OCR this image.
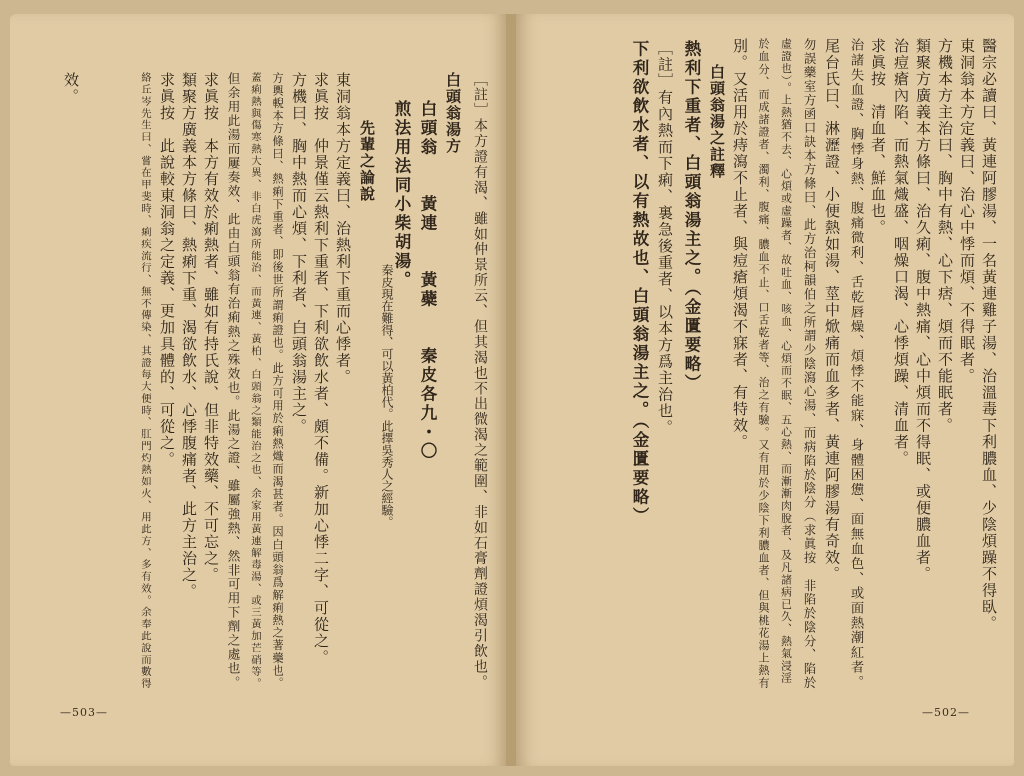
醫宗必讀曰、黃連阿膠湯、一名黃連雞子湯、治溫毒下利膿血、少陰煩躁不得臥。

東洞翁本方定義曰、治心中悸而煩、不得眠者。

方機本方主治曰、胸中有熱、心下痞、煩而不能眠者。

類聚方廣義本方條曰、治久痢、腹中熱痛、心中煩而不得眠、或便膿血者。

治痘瘡內陷、而熱氣熾盛、咽燥口渴、心悸煩躁、清血者。

求眞按　清血者、鮮血也。

治諸失血證、胸悸身熱、腹痛微利、舌乾唇燥、煩悸不能寐、身體困憊、面無血色、或面熱潮紅者。

尾台氏曰、淋瀝證、小便熱如湯、莖中焮痛而血多者、黃連阿膠湯有奇效。

勿誤藥室方函口訣本方條曰、此方治柯韻伯之所謂少陰瀉心湯、而病陷於陰分（求眞按　非陷於陰分、陷於

虛證也）。上熱猶不去、心煩或虛躁者、故吐血、咳血、心煩而不眠、五心熱、而漸漸肉脫者、及凡諸病已久、熱氣浸淫

於血分、而成諸證者、濁利、腹痛、膿血不止、口舌乾者等、治之有驗。又有用於少陰下利膿血者、但與桃花湯上熱有

別。又活用於痔瀉不止者、與痘瘡煩渴不寐者、有特效。

白頭翁湯之註釋

熱利下重者、白頭翁湯主之。（金匱要略）

［註］有內熱而下痢、裏急後重者、以本方爲主治也。

下利欲飲水者、以有熱故也、白頭翁湯主之。（金匱要略）

—502—

［註］本方證有渴、雖如仲景所云、但其渴也不出微渴之範圍、非如石膏劑證煩渴引飲也。

白頭翁湯方

白頭翁　　黃連　　黃蘗　　秦皮各九・〇

煎法用法同小柴胡湯。

秦皮現在難得、可以黃柏代。此擇吳秀人之經驗。

先輩之論說

東洞翁本方定義曰、治熱利下重而心悸者。

求眞按　仲景僅云熱利下重者、下利欲飲水者、頗不備。新加心悸二字、可從之。

方機曰、胸中熱而心煩、下利者、白頭翁湯主之。

方輿輗本方條曰、熱痢下重者、即後世所謂痢證也。此方可用於痢熱熾而渴甚者。因白頭翁爲解痢熱之著藥也。

蓋痢熱與傷寒熱大異、非白虎瀉所能治、而黃連、黃柏、白頭翁之類能治之也、余家用黃連解毒湯、或三黃加芒硝等。

但余用此湯而屢奏效、此由白頭翁有治痢熱之殊效也。此湯之證、雖屬強熱、然非可用下劑之處也。

求眞按　本方有效於痢熱者、雖如有持氏說、但非特效藥、不可忘之。

類聚方廣義本方條曰、熱痢下重、渴欲飲水、心悸腹痛者、此方主治之。

求眞按　此說較東洞翁之定義、更加具體的、可從之。

絡丘岑先生曰、嘗在甲斐時、痢疾流行、無不傳染、其證每大便時、肛門灼熱如火、用此方、多有效。余奉此說而數得

效。

—503—
